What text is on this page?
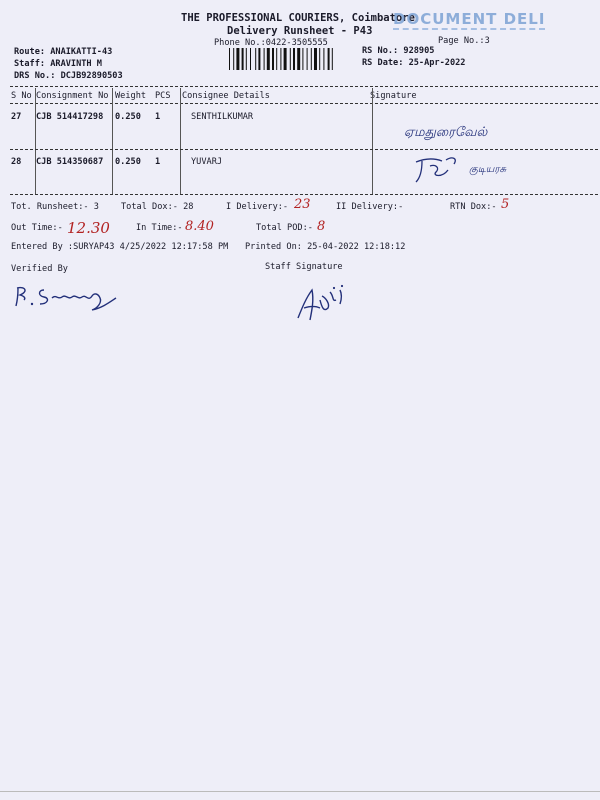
THE PROFESSIONAL COURIERS, Coimbatore
Delivery Runsheet - P43
Phone No.:0422-3505555
DOCUMENT DELI
Page No.:3
Route: ANAIKATTI-43
Staff: ARAVINTH M
DRS No.: DCJB92890503
RS No.: 928905
RS Date: 25-Apr-2022
S No Consignment No Weight PCS Consignee Details	Signature
27 CJB 514417298 0.250 1	SENTHILKUMAR
ஏமதுரைவேல்
28 CJB 514350687 0.250 1	YUVARJ
குடியரசு
Tot. Runsheet:- 3	Total Dox:- 28	I Delivery:- 23	II Delivery:-	RTN Dox:- 5
Out Time:- 12.30	In Time:- 8.40	Total POD:- 8
Entered By :SURYAP43 4/25/2022 12:17:58 PM Printed On: 25-04-2022 12:18:12
Verified By	Staff Signature
